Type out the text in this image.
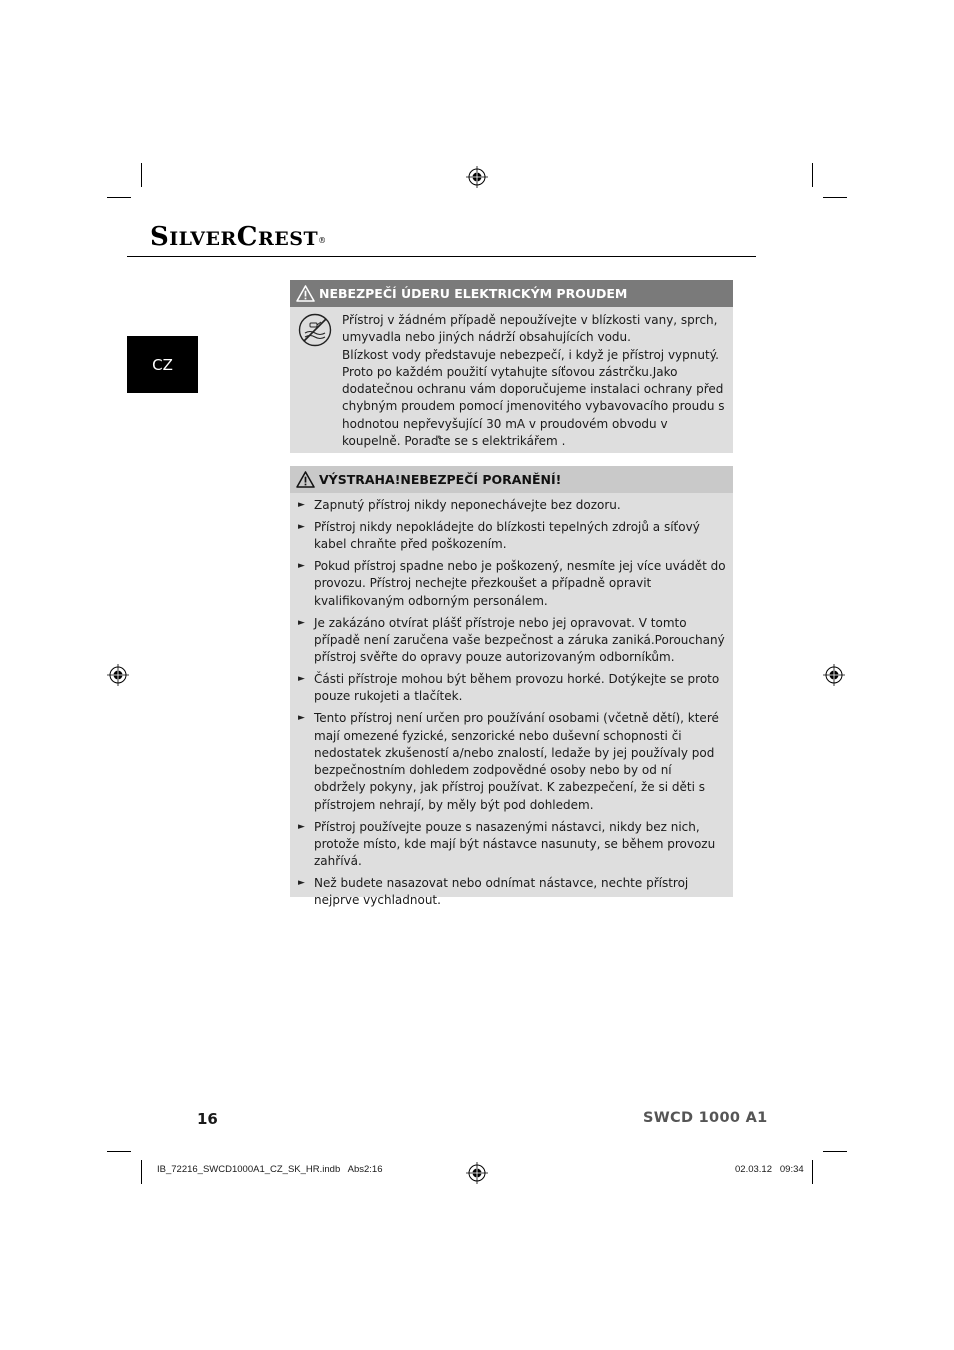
SILVERCREST®
CZ
NEBEZPEČÍ ÚDERU ELEKTRICKÝM PROUDEM

Přístroj v žádném případě nepoužívejte v blízkosti vany, sprch, umyvadla nebo jiných nádrží obsahujících vodu.

Blízkost vody představuje nebezpečí, i když je přístroj vypnutý. Proto po každém použití vytahujte síťovou zástrčku.Jako dodatečnou ochranu vám doporučujeme instalaci ochrany před chybným proudem pomocí jmenovitého vybavovacího proudu s hodnotou nepřevyšující 30 mA v proudovém obvodu v koupelně. Poraďte se s elektrikářem .

VÝSTRAHA!NEBEZPEČÍ PORANĚNÍ!
► Zapnutý přístroj nikdy neponechávejte bez dozoru.
► Přístroj nikdy nepokládejte do blízkosti tepelných zdrojů a síťový kabel chraňte před poškozením.
► Pokud přístroj spadne nebo je poškozený, nesmíte jej více uvádět do provozu. Přístroj nechejte přezkoušet a případně opravit kvalifikovaným odborným personálem.
► Je zakázáno otvírat plášť přístroje nebo jej opravovat. V tomto případě není zaručena vaše bezpečnost a záruka zaniká.Porouchaný přístroj svěřte do opravy pouze autorizovaným odborníkům.
► Části přístroje mohou být během provozu horké. Dotýkejte se proto pouze rukojeti a tlačítek.
► Tento přístroj není určen pro používání osobami (včetně dětí), které mají omezené fyzické, senzorické nebo duševní schopnosti či nedostatek zkušeností a/nebo znalostí, ledaže by jej používaly pod bezpečnostním dohledem zodpovědné osoby nebo by od ní obdržely pokyny, jak přístroj používat. K zabezpečení, že si děti s přístrojem nehrají, by měly být pod dohledem.
► Přístroj používejte pouze s nasazenými nástavci, nikdy bez nich, protože místo, kde mají být nástavce nasunuty, se během provozu zahřívá.
► Než budete nasazovat nebo odnímat nástavce, nechte přístroj nejprve vychladnout.
16	SWCD 1000 A1
IB_72216_SWCD1000A1_CZ_SK_HR.indb   Abs2:16	02.03.12   09:34
